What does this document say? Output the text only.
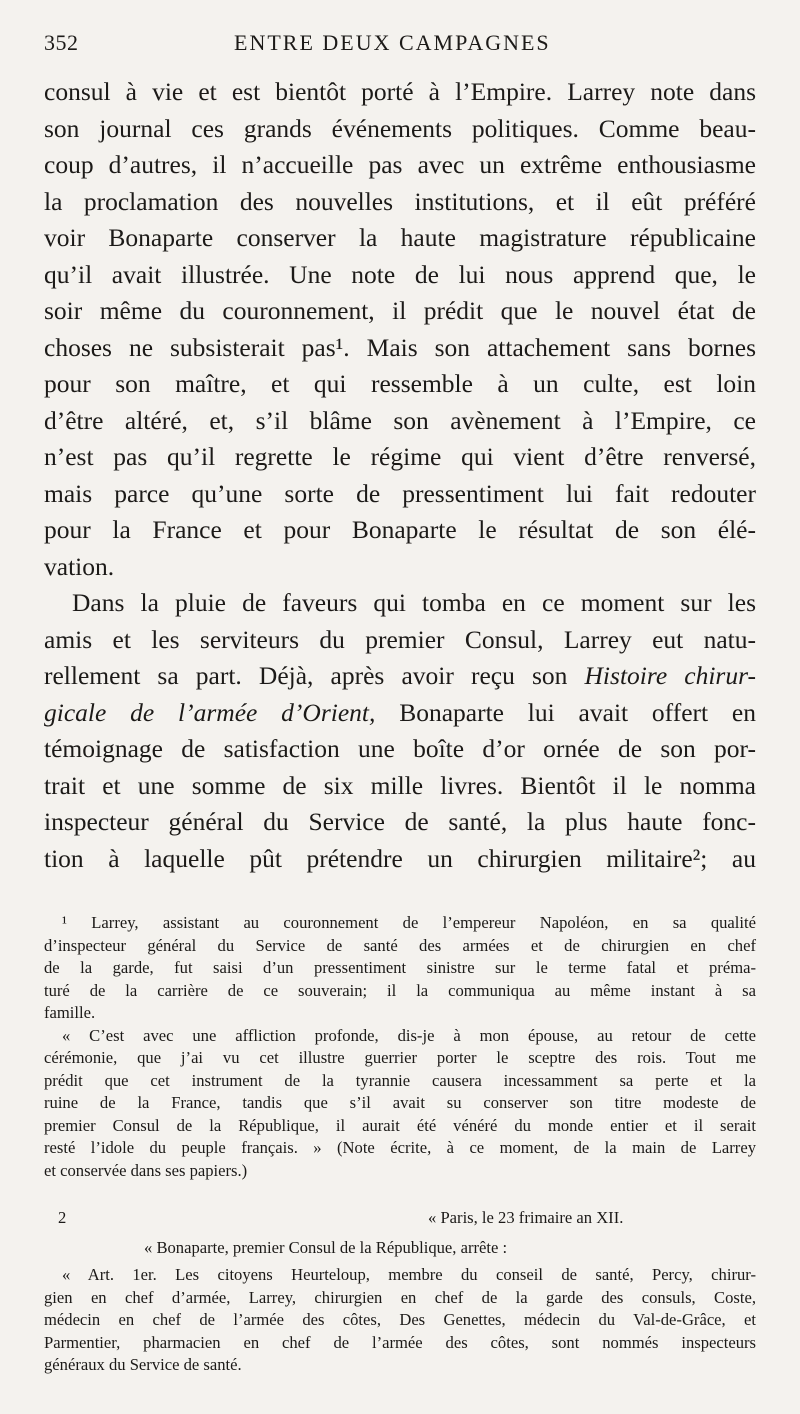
352	ENTRE DEUX CAMPAGNES
consul à vie et est bientôt porté à l’Empire. Larrey note dans
son journal ces grands événements politiques. Comme beau-
coup d’autres, il n’accueille pas avec un extrême enthousiasme
la proclamation des nouvelles institutions, et il eût préféré
voir Bonaparte conserver la haute magistrature républicaine
qu’il avait illustrée. Une note de lui nous apprend que, le
soir même du couronnement, il prédit que le nouvel état de
choses ne subsisterait pas¹. Mais son attachement sans bornes
pour son maître, et qui ressemble à un culte, est loin
d’être altéré, et, s’il blâme son avènement à l’Empire, ce
n’est pas qu’il regrette le régime qui vient d’être renversé,
mais parce qu’une sorte de pressentiment lui fait redouter
pour la France et pour Bonaparte le résultat de son élé-
vation.
Dans la pluie de faveurs qui tomba en ce moment sur les
amis et les serviteurs du premier Consul, Larrey eut natu-
rellement sa part. Déjà, après avoir reçu son Histoire chirur-
gicale de l’armée d’Orient, Bonaparte lui avait offert en
témoignage de satisfaction une boîte d’or ornée de son por-
trait et une somme de six mille livres. Bientôt il le nomma
inspecteur général du Service de santé, la plus haute fonc-
tion à laquelle pût prétendre un chirurgien militaire²; au
¹ Larrey, assistant au couronnement de l’empereur Napoléon, en sa qualité
d’inspecteur général du Service de santé des armées et de chirurgien en chef
de la garde, fut saisi d’un pressentiment sinistre sur le terme fatal et préma-
turé de la carrière de ce souverain; il la communiqua au même instant à sa
famille.
« C’est avec une affliction profonde, dis-je à mon épouse, au retour de cette
cérémonie, que j’ai vu cet illustre guerrier porter le sceptre des rois. Tout me
prédit que cet instrument de la tyrannie causera incessamment sa perte et la
ruine de la France, tandis que s’il avait su conserver son titre modeste de
premier Consul de la République, il aurait été vénéré du monde entier et il serait
resté l’idole du peuple français. » (Note écrite, à ce moment, de la main de Larrey
et conservée dans ses papiers.)
2	« Paris, le 23 frimaire an XII.
« Bonaparte, premier Consul de la République, arrête :
« Art. 1er. Les citoyens Heurteloup, membre du conseil de santé, Percy, chirur-
gien en chef d’armée, Larrey, chirurgien en chef de la garde des consuls, Coste,
médecin en chef de l’armée des côtes, Des Genettes, médecin du Val-de-Grâce, et
Parmentier, pharmacien en chef de l’armée des côtes, sont nommés inspecteurs
généraux du Service de santé.
